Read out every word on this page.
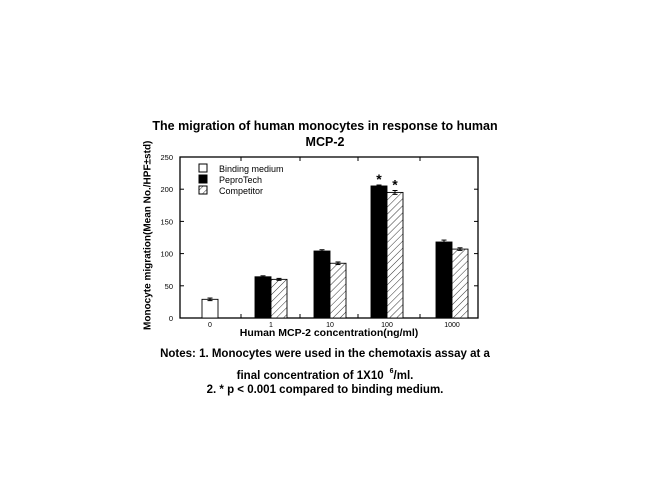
The migration of human monocytes in response to human
MCP-2
Monocyte migration(Mean No./HPF±std)	* *
0
50
100
150
200
250
0	1	10	100	1000
Binding medium
PeproTech
Competitor
Human MCP-2 concentration(ng/ml)
Notes: 1. Monocytes were used in the chemotaxis assay at a
final concentration of 1X10 $^6$/ml.
2. * p < 0.001 compared to binding medium.
